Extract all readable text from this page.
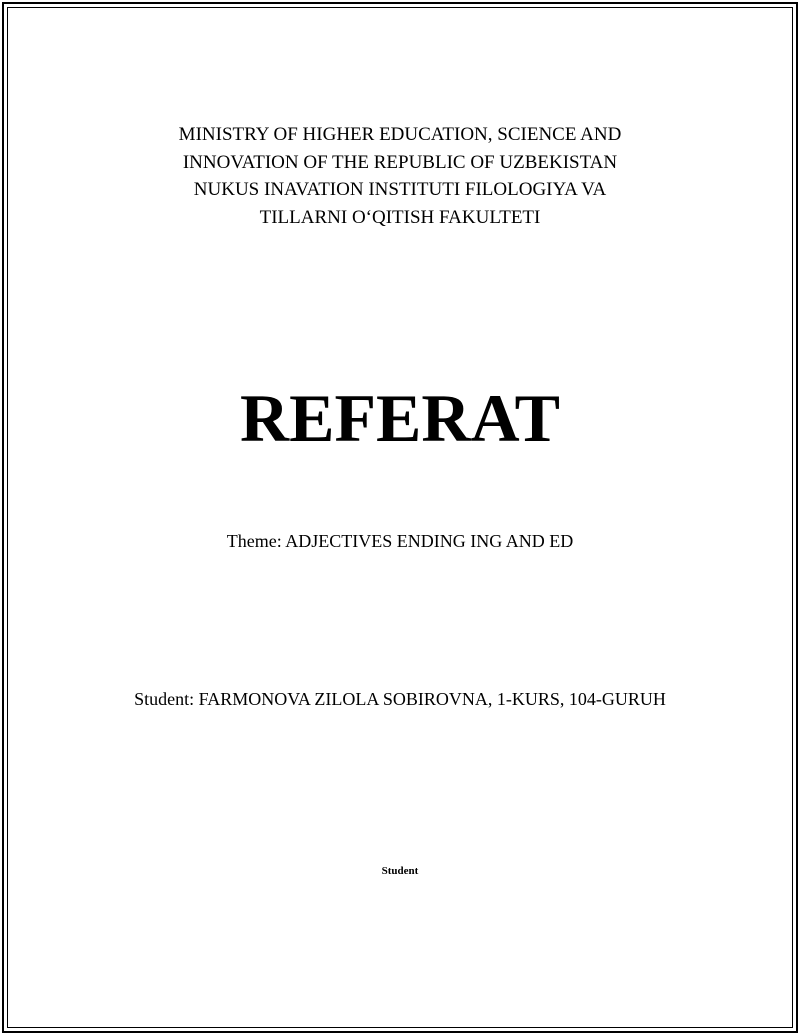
MINISTRY OF HIGHER EDUCATION, SCIENCE AND
INNOVATION OF THE REPUBLIC OF UZBEKISTAN
NUKUS INAVATION INSTITUTI FILOLOGIYA VA
TILLARNI O‘QITISH FAKULTETI
REFERAT
Theme: ADJECTIVES ENDING ING AND ED
Student: FARMONOVA ZILOLA SOBIROVNA, 1-KURS, 104-GURUH
Student
